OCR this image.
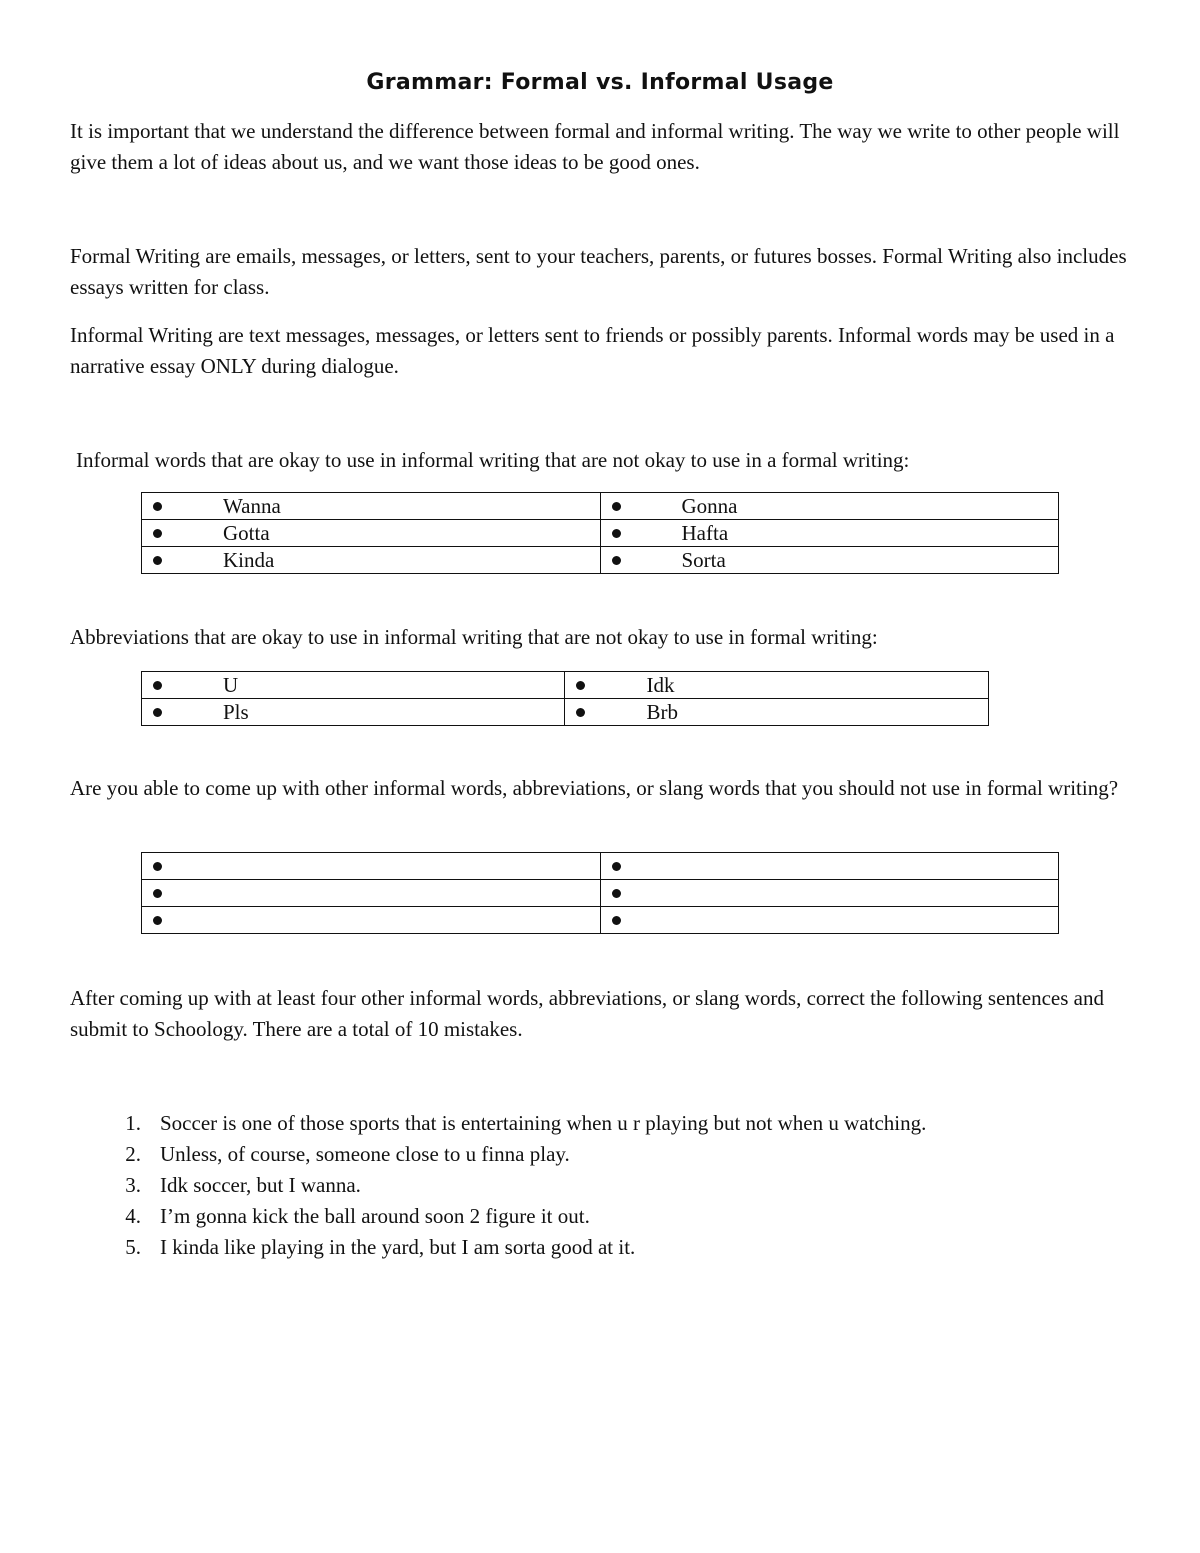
Grammar: Formal vs. Informal Usage
It is important that we understand the difference between formal and informal writing. The way we write to other people will give them a lot of ideas about us, and we want those ideas to be good ones.
Formal Writing are emails, messages, or letters, sent to your teachers, parents, or futures bosses. Formal Writing also includes essays written for class.
Informal Writing are text messages, messages, or letters sent to friends or possibly parents. Informal words may be used in a narrative essay ONLY during dialogue.
Informal words that are okay to use in informal writing that are not okay to use in a formal writing:
Wanna	Gonna

Gotta	Hafta

Kinda	Sorta
Abbreviations that are okay to use in informal writing that are not okay to use in formal writing:
U	Idk

Pls	Brb
Are you able to come up with other informal words, abbreviations, or slang words that you should not use in formal writing?

After coming up with at least four other informal words, abbreviations, or slang words, correct the following sentences and submit to Schoology. There are a total of 10 mistakes.
1. Soccer is one of those sports that is entertaining when u r playing but not when u watching.
2. Unless, of course, someone close to u finna play.
3. Idk soccer, but I wanna.
4. I’m gonna kick the ball around soon 2 figure it out.
5. I kinda like playing in the yard, but I am sorta good at it.
